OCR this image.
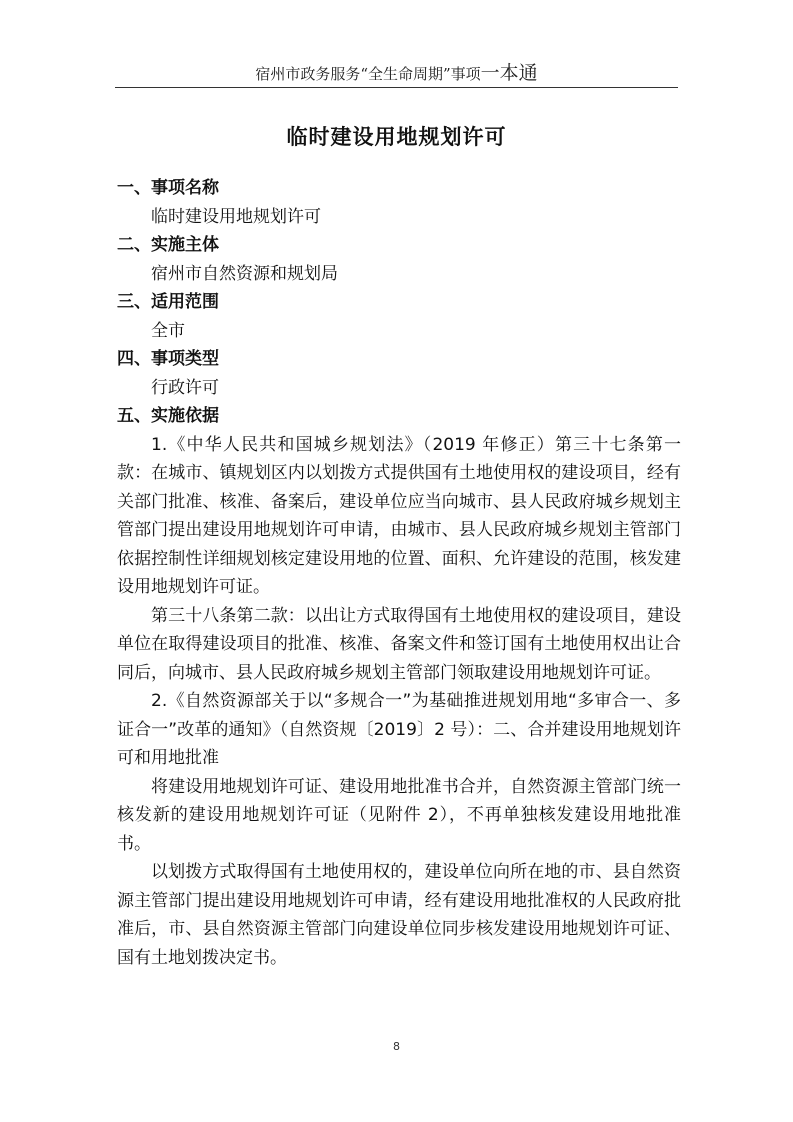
宿州市政务服务“全生命周期”事项一本通
临时建设用地规划许可

一、事项名称

临时建设用地规划许可

二、实施主体

宿州市自然资源和规划局

三、适用范围

全市

四、事项类型

行政许可

五、实施依据

1.《中华人民共和国城乡规划法》（2019 年修正）第三十七条第一款：在城市、镇规划区内以划拨方式提供国有土地使用权的建设项目，经有关部门批准、核准、备案后，建设单位应当向城市、县人民政府城乡规划主管部门提出建设用地规划许可申请，由城市、县人民政府城乡规划主管部门依据控制性详细规划核定建设用地的位置、面积、允许建设的范围，核发建设用地规划许可证。

第三十八条第二款：以出让方式取得国有土地使用权的建设项目，建设单位在取得建设项目的批准、核准、备案文件和签订国有土地使用权出让合同后，向城市、县人民政府城乡规划主管部门领取建设用地规划许可证。

2.《自然资源部关于以“多规合一”为基础推进规划用地“多审合一、多证合一”改革的通知》（自然资规〔2019〕2 号）：二、合并建设用地规划许可和用地批准

将建设用地规划许可证、建设用地批准书合并，自然资源主管部门统一核发新的建设用地规划许可证（见附件 2），不再单独核发建设用地批准书。

以划拨方式取得国有土地使用权的，建设单位向所在地的市、县自然资源主管部门提出建设用地规划许可申请，经有建设用地批准权的人民政府批准后，市、县自然资源主管部门向建设单位同步核发建设用地规划许可证、国有土地划拨决定书。

8
